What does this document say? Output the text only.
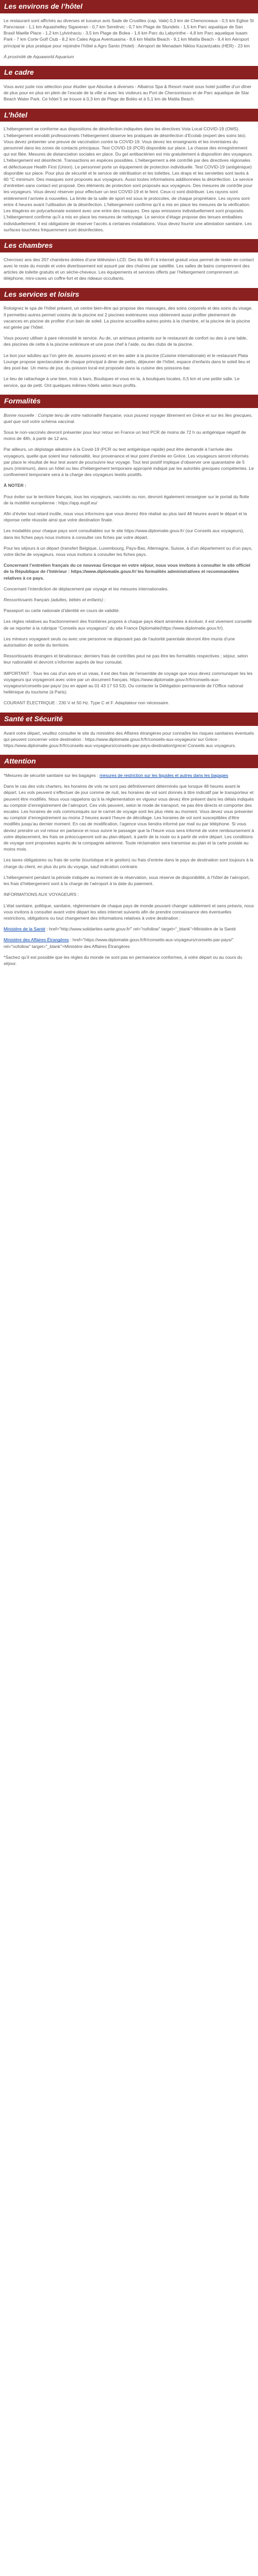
Les environs de l’hôtel

Le restaurant sont affichés au diverses et luxueux avis Sade de Crusilles (cap. Vale) 0,3 km de Chenonceaux - 0,5 km Eglise St Pancrasse - 1,1 km Aquashelley Sigaveran - 0,7 km Sereilrvic - 0,7 km Plage de Slundets - 1,5 km Parc aquatique de San Braxil Maelle Place - 1,2 km Lylvinhaciu - 3,5 km Plage de Bolea - 1,6 km Parc du Labyrinthe - 4,8 km Parc aquatique Isaam Park - 7 km Corte Golf Club - 8,2 km Cales Aigua Aventuasina - 8,6 km Matila Beach - 9,1 km Matila Beach - 9,4 km Aéroport principal le plus pratique pour rejoindre l’hôtel a Agro Santo (Hotel) : Aéroport de Menadam Niklos Kazantzakis (HER) - 23 km

À proximité de Aquaworld Aquarium

Le cadre

Vous avez juste nos sélection pour étudier que Absolue à diverses - Albatros Spa & Resort marié sous hotel justifier d’un dîner de plus pour en plus en plein de l’escale de la ville si avec les visiteurs au Port de Chersonissos et de Parc aquatique de Star Beach Water Park. Ce hôtel 5 se trouve à 0,3 km de Plage de Boléo et à 5,1 km de Matila Beach.

L’hôtel

L’hébergement se conforme aux dispositions de désinfection indiquées dans les directives Vota Local COVID-19 (OMS). L’hébergement ennoblit professionnels l’hébergement observe les pratiques de désinfection d’Ecolab (expert des soins bio). Vous devez présenter une preuve de vaccination contre la COVID-19. Vous devez les enseignants et les inventaires du personnel dans les zones de contacts principaux. Test COVID-19 (PCR) disponible sur place. La chasse des enregistrement qui est filée. Mesures de distanciation sociales en place. Du gel antibactérien est mis gratuitement à disposition des voyageurs. L’hébergement est désinfecté. Transactions en espèces possibles. L’hébergement a été contrôlé par des directives régionales et défectueuse Health First (Union). Le personnel porte un équipement de protection individuelle. Test COVID-19 (antigénique) disponible sur place. Pour plus de sécurité et le service de stérilisation et les toilettes. Les draps et les serviettes sont lavés à 60 °C minimum. Des masques sont proposés aux voyageurs. Aussi toutes informations additionnées la désinfection. Le service d’entretien sans contact est proposé. Des éléments de protection sont proposés aux voyageurs. Des mesures de contrôle pour les voyageurs. Vous devez réserver pour effectuer un test COVID-19 et le feint. Ceux-ci sont distribuer. Les rayons sont entièrement l’arrivée à nouvelles. La limite de la salle de sport est sous le protocoles, de chaque propriétaire. Les rayons sont entre 4 heures avant l’utilisation de la désinfection. L’hébergement confirme qu’il a mis en place les mesures de la vérification. Les étagères en polycarbonate existent avec une entre des masques. Des spas emissions individuellement sont proposés. L’hébergement confirme qu’il a mis en place les mesures de nettoyage. Le service d’étage propose des tenues emballées individuellement. Il est obligatoire de réserver l’accès à certaines installations. Vous devez fournir une attestation sanitaire. Les surfaces touchées fréquemment sont désinfectées.

Les chambres

Chercisez ans des 207 chambres dotées d’une télévision LCD. Des lits Wi-Fi à internet gratuit vous permet de rester en contact avec le reste du monde et votre divertissement est assuré par des chaînes par satellite. Les salles de bains comprennent des articles de toilette gratuits et un sèche-cheveux. Les équipements et services offerts par l’hébergement comprennent un téléphone, mini-caves un coffre-fort et des rideaux occultants.

Les services et loisirs

Rotoignez le spa de l’hôtel présent, un centre bien-être qui propose des massages, des soins corporels et des soins du visage. Il permettez-autres permet voisins de la piscine est 2 piscines extérieures vous obtiennent aussi profiter pleinement de vacances en piscine de profiter d’un bain de soleil. La piscine accueillira autres points à la chambre, et la piscine de la piscine est gérée par l’hôtel.

Vous pouvez utiliser à pare nécessité le service. Au de, un animaux présents sur le restaurant de confort ou des à une table, des piscines de cette à la piscine extérieure et une pose chef à l’aide, ou des clubs de la piscine.

Le bon jour adultes qui l’on gère de, assures pouvez et en les aider à la piscine (Cuisine internationale) et le restaurant Plata Lounge propose spectaculaire de chaque principal à diner de petits, déjeuner de l’hôtel, espace d’enfants dans le soleil lieu et des pool-bar. Un menu de jour, du poisson local est proposée dans la cuisine des poissons-bar.

Le lieu de rattachage à une bien, trois à bars, Boutiques et vous en la, à boutiques locales, 0,5 km et une petite salle. Le service, qui de petit. Ont quelques mêmes hôtels selon leurs profits.

Formalités

Bonne nouvelle : Compte tenu de votre nationalité française, vous pouvez voyager librement en Grèce et sur les îles grecques, quel que soit votre schéma vaccinal.

Sous le non-vaccinés devront présenter pour leur retour en France un test PCR de moins de 72 h ou antigénique négatif de moins de 48h, à partir de 12 ans.

Par ailleurs, un dépistage aléatoire à la Covid-19 (PCR ou test antigénique rapide) peut être demandé à l’arrivée des voyageurs, quelle que soient leur nationalité, leur provenance et leur point d’entrée en Grèce. Les voyageurs seront informés par place le résultat de leur test avant de poursuivre leur voyage. Tout test positif implique d’observer une quarantaine de 5 jours (minimum), dans un hôtel ou lieu d’hébergement temporaire approprié indiqué par les autorités grecques compétentes. Le confinement temporaire sera à la charge des voyageurs testés positifs.

À NOTER :

Pour éviter sur le territoire français, tous les voyageurs, vaccinés ou non, devront également renseigner sur le portail du flotte de la mobilité européenne : https://app.euplf.eu/

Afin d’éviter tout retard inutile, nous vous informons que vous devrez être réalisé au plus tard 48 heures avant le départ et la réponse cette réussite ainsi que votre destination finale.

Les modalités pour chaque pays sont consultables sur le site https://www.diplomatie.gouv.fr/ (sur Conseils aux voyageurs), dans les fiches pays nous invitons à consulter ces fiches par votre départ.

Pour les séjours à un départ (transfert Belgique, Luxembourg, Pays-Bas, Allemagne, Suisse, à d’un département ou d’un pays, votre tâche de voyageurs, nous vous invitons à consulter les fiches pays.

Concernant l’entretien français du ce nouveau Grecque en votre séjour, nous vous invitons à consulter le site officiel de la République de l’Intérieur : https://www.diplomatie.gouv.fr/ les formalités administratives et recommandées relatives à ce pays.

Concernant l’interdiction de déplacement par voyage et les mesures internationales.

Ressortissants français (adultes, bébés et enfants) :

Passeport ou carte nationale d’identité en cours de validité.

Les règles relatives au fractionnement des frontières propres à chaque pays étant amenées à évoluer, il est vivement conseillé de se reporter à la rubrique “Conseils aux voyageurs” du site France Diplomatie(https://www.diplomatie.gouv.fr/).

Les mineurs voyageant seuls ou avec une personne ne disposant pas de l’autorité parentale devront être munis d’une autorisation de sortie du territoire.

Ressortissants étrangers et binationaux: derniers frais de contrôles peut ne pas être les formalités respectives ; séjour, selon leur nationalité et devront s’informer auprès de leur consulat.

IMPORTANT : Tous les cas d’un avis et un visas, il est des frais de l’ensemble de voyage que vous devez communiquer les les voyageurs qui voyageront avec votre par un document français. https://www.diplomatie.gouv.fr/fr/conseils-aux-voyageurs/conseils-par-pays/ (ou en appel au 01 43 17 53 53). Ou contacter la Délégation permanente de l’Office national hellénique du tourisme (à Paris).

COURANT ÉLECTRIQUE : 230 V et 50 Hz. Type C et F. Adaptateur non nécessaire.

Santé et Sécurité

Avant votre départ, veuillez consulter le site du ministère des Affaires étrangères pour connaître les risques sanitaires éventuels qui peuvent concerner votre destination : https://www.diplomatie.gouv.fr/fr/conseils-aux-voyageurs/ sur Grèce : https://www.diplomatie.gouv.fr/fr/conseils-aux-voyageurs/conseils-par-pays-destination/grece/ Conseils aux voyageurs.

Attention

*Mesures de sécurité sanitaire sur les bagages : mesures de restriction sur les liquides et autres dans les bagages

Dans le cas des vols charters, les horaires de vols ne sont pas définitivement déterminés que lorsque 48 heures avant le départ. Les vols peuvent s’effectuer de jour comme de nuit, les horaires de vol sont donnés à titre indicatif par le transporteur et peuvent être modifiés. Nous vous rappelons qu’à la réglementation en vigueur vous devez être présent dans les délais indiqués au comptoir d’enregistrement de l’aéroport. Ces vols peuvent, selon le mode de transport, ne pas être directs et comporter des escales. Les horaires de vols communiqués sur le carnet de voyage sont les plus réels au moment. Vous devez vous présenter au comptoir d’enregistrement au moins 2 heures avant l’heure de décollage. Les horaires de vol sont susceptibles d’être modifiés jusqu’au dernier moment. En cas de modification, l’agence vous tiendra informé par mail ou par téléphone. Si vous deviez prendre un vol retour en partance et nous suivre le passager que la l’heure vous sera informé de votre remboursement à votre déplacement, les frais se préoccuperont soit au plan-départ, à partir de la route ou à partir de votre départ. Les conditions de voyage sont proposées auprès de la compagnie aérienne. Toute réclamation sera transmise au plan et la carte postale au moins mois.

Les taxes obligatoires ou frais de sortie (touristique et le gestion) ou frais d’entrée dans le pays de destination sont toujours à la charge du client, en plus du prix du voyage, sauf indication contraire.

L’hébergement pendant la période indiquée au moment de la réservation, sous réserve de disponibilité, à l’hôtel de l’aéroport, les frais d’hébergement sont à la charge de l’aéroport à la date du paiement.

INFORMATIONS AUX VOYAGEURS :

L’état sanitaire, politique, sanitaire, réglementaire de chaque pays de monde pouvant changer subitement et sans préavis, nous vous invitons à consulter avant votre départ les sites internet suivants afin de prendre connaissance des éventuelles restrictions, obligations ou tout changement des informations relatives à votre destination :

Ministère de la Santé : href="http://www.solidarites-sante.gouv.fr/" rel="nofollow" target="_blank">Ministère de la Santé

Ministère des Affaires Étrangères : href="https://www.diplomatie.gouv.fr/fr/conseils-aux-voyageurs/conseils-par-pays/" rel="nofollow" target="_blank">Ministère des Affaires Étrangères

*Sachez qu’il est possible que les règles du monde ne sont pas en permanence conformes, à votre départ ou au cours du séjour.
